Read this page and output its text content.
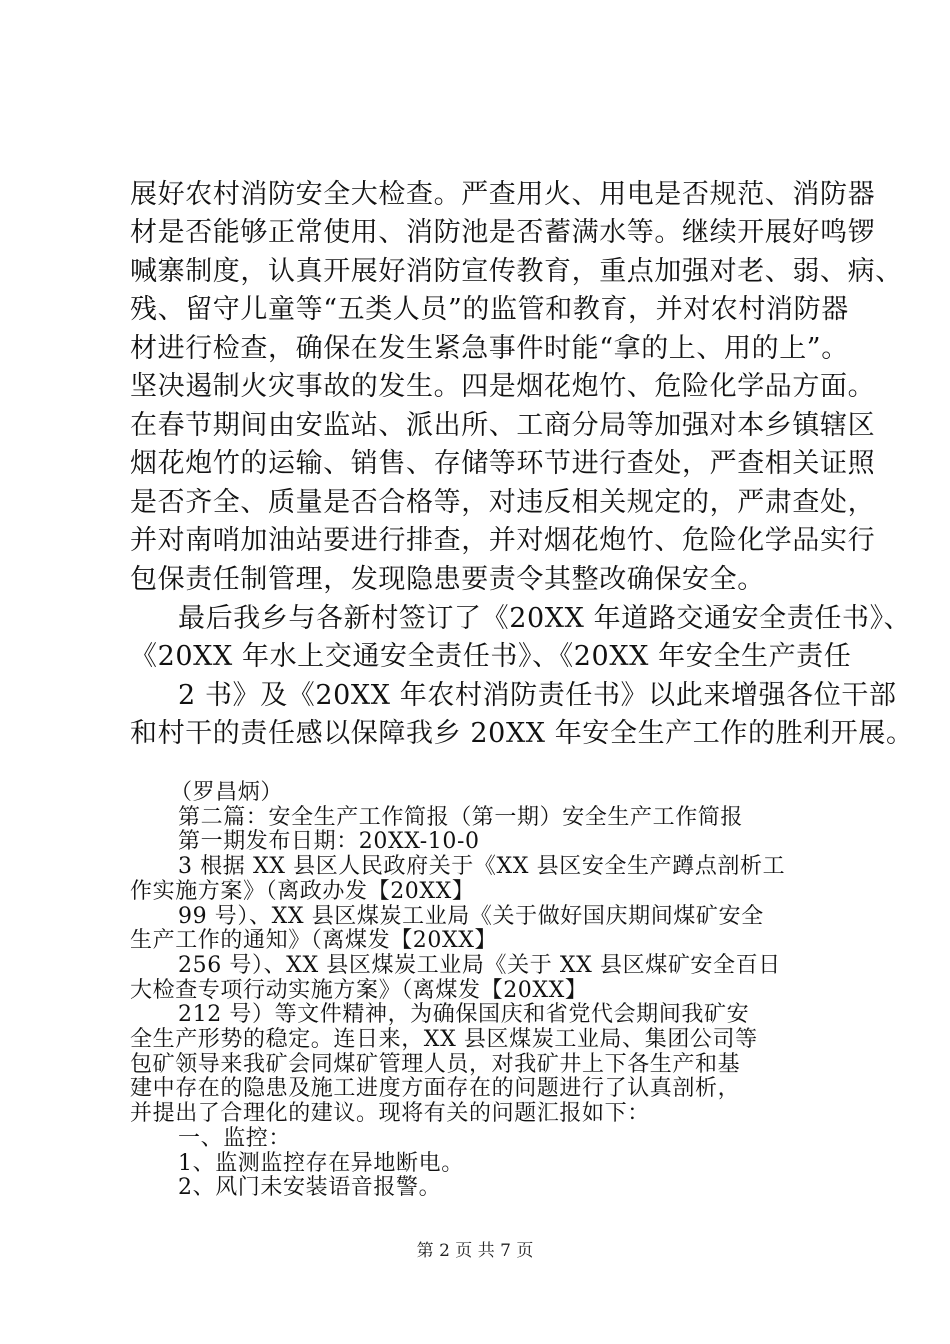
展好农村消防安全大检查。严查用火、用电是否规范、消防器
材是否能够正常使用、消防池是否蓄满水等。继续开展好鸣锣
喊寨制度，认真开展好消防宣传教育，重点加强对老、弱、病、
残、留守儿童等“五类人员”的监管和教育，并对农村消防器
材进行检查，确保在发生紧急事件时能“拿的上、用的上”。
坚决遏制火灾事故的发生。四是烟花炮竹、危险化学品方面。
在春节期间由安监站、派出所、工商分局等加强对本乡镇辖区
烟花炮竹的运输、销售、存储等环节进行查处，严查相关证照
是否齐全、质量是否合格等，对违反相关规定的，严肃查处，
并对南哨加油站要进行排查，并对烟花炮竹、危险化学品实行
包保责任制管理，发现隐患要责令其整改确保安全。
最后我乡与各新村签订了《20XX 年道路交通安全责任书》、
《20XX 年水上交通安全责任书》、《20XX 年安全生产责任
2 书》及《20XX 年农村消防责任书》以此来增强各位干部
和村干的责任感以保障我乡 20XX 年安全生产工作的胜利开展。
第 2 页 共 7 页
（罗昌炳）
第二篇：安全生产工作简报（第一期）安全生产工作简报
第一期发布日期：20XX-10-0
3 根据 XX 县区人民政府关于《XX 县区安全生产蹲点剖析工
作实施方案》（离政办发【20XX】
99 号）、XX 县区煤炭工业局《关于做好国庆期间煤矿安全
生产工作的通知》（离煤发【20XX】
256 号）、XX 县区煤炭工业局《关于 XX 县区煤矿安全百日
大检查专项行动实施方案》（离煤发【20XX】
212 号）等文件精神，为确保国庆和省党代会期间我矿安
全生产形势的稳定。连日来，XX 县区煤炭工业局、集团公司等
包矿领导来我矿会同煤矿管理人员，对我矿井上下各生产和基
建中存在的隐患及施工进度方面存在的问题进行了认真剖析，
并提出了合理化的建议。现将有关的问题汇报如下：
一、监控：
1、监测监控存在异地断电。
2、风门未安装语音报警。
